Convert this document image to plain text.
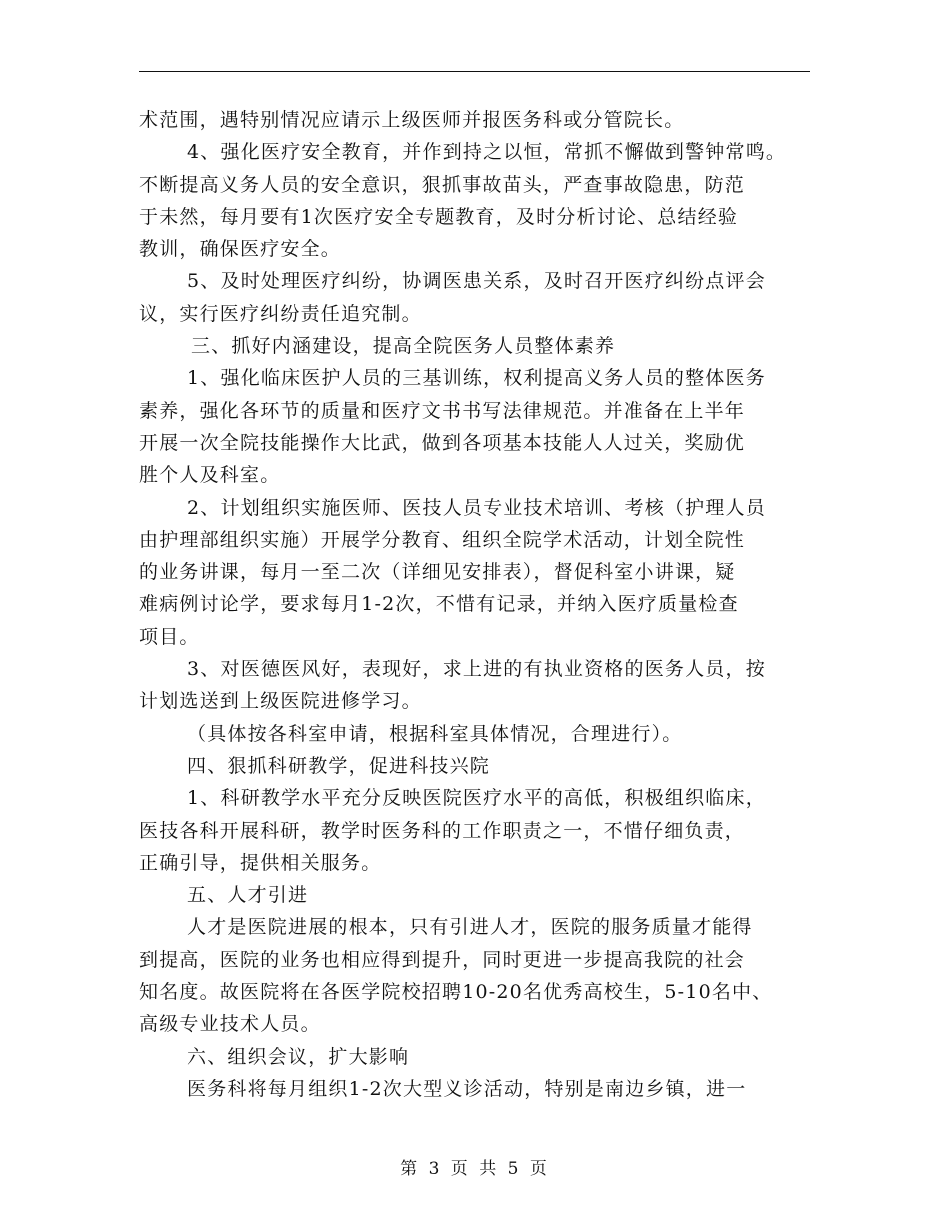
术范围，遇特别情况应请示上级医师并报医务科或分管院长。
4、强化医疗安全教育，并作到持之以恒，常抓不懈做到警钟常鸣。
不断提高义务人员的安全意识，狠抓事故苗头，严查事故隐患，防范
于未然，每月要有1次医疗安全专题教育，及时分析讨论、总结经验
教训，确保医疗安全。
5、及时处理医疗纠纷，协调医患关系，及时召开医疗纠纷点评会
议，实行医疗纠纷责任追究制。
三、抓好内涵建设，提高全院医务人员整体素养
1、强化临床医护人员的三基训练，权利提高义务人员的整体医务
素养，强化各环节的质量和医疗文书书写法律规范。并准备在上半年
开展一次全院技能操作大比武，做到各项基本技能人人过关，奖励优
胜个人及科室。
2、计划组织实施医师、医技人员专业技术培训、考核（护理人员
由护理部组织实施）开展学分教育、组织全院学术活动，计划全院性
的业务讲课，每月一至二次（详细见安排表），督促科室小讲课，疑
难病例讨论学，要求每月1-2次，不惜有记录，并纳入医疗质量检查
项目。
3、对医德医风好，表现好，求上进的有执业资格的医务人员，按
计划选送到上级医院进修学习。
（具体按各科室申请，根据科室具体情况，合理进行）。
四、狠抓科研教学，促进科技兴院
1、科研教学水平充分反映医院医疗水平的高低，积极组织临床，
医技各科开展科研，教学时医务科的工作职责之一，不惜仔细负责，
正确引导，提供相关服务。
五、人才引进
人才是医院进展的根本，只有引进人才，医院的服务质量才能得
到提高，医院的业务也相应得到提升，同时更进一步提高我院的社会
知名度。故医院将在各医学院校招聘10-20名优秀高校生，5-10名中、
高级专业技术人员。
六、组织会议，扩大影响
医务科将每月组织1-2次大型义诊活动，特别是南边乡镇，进一
第 3 页 共 5 页
